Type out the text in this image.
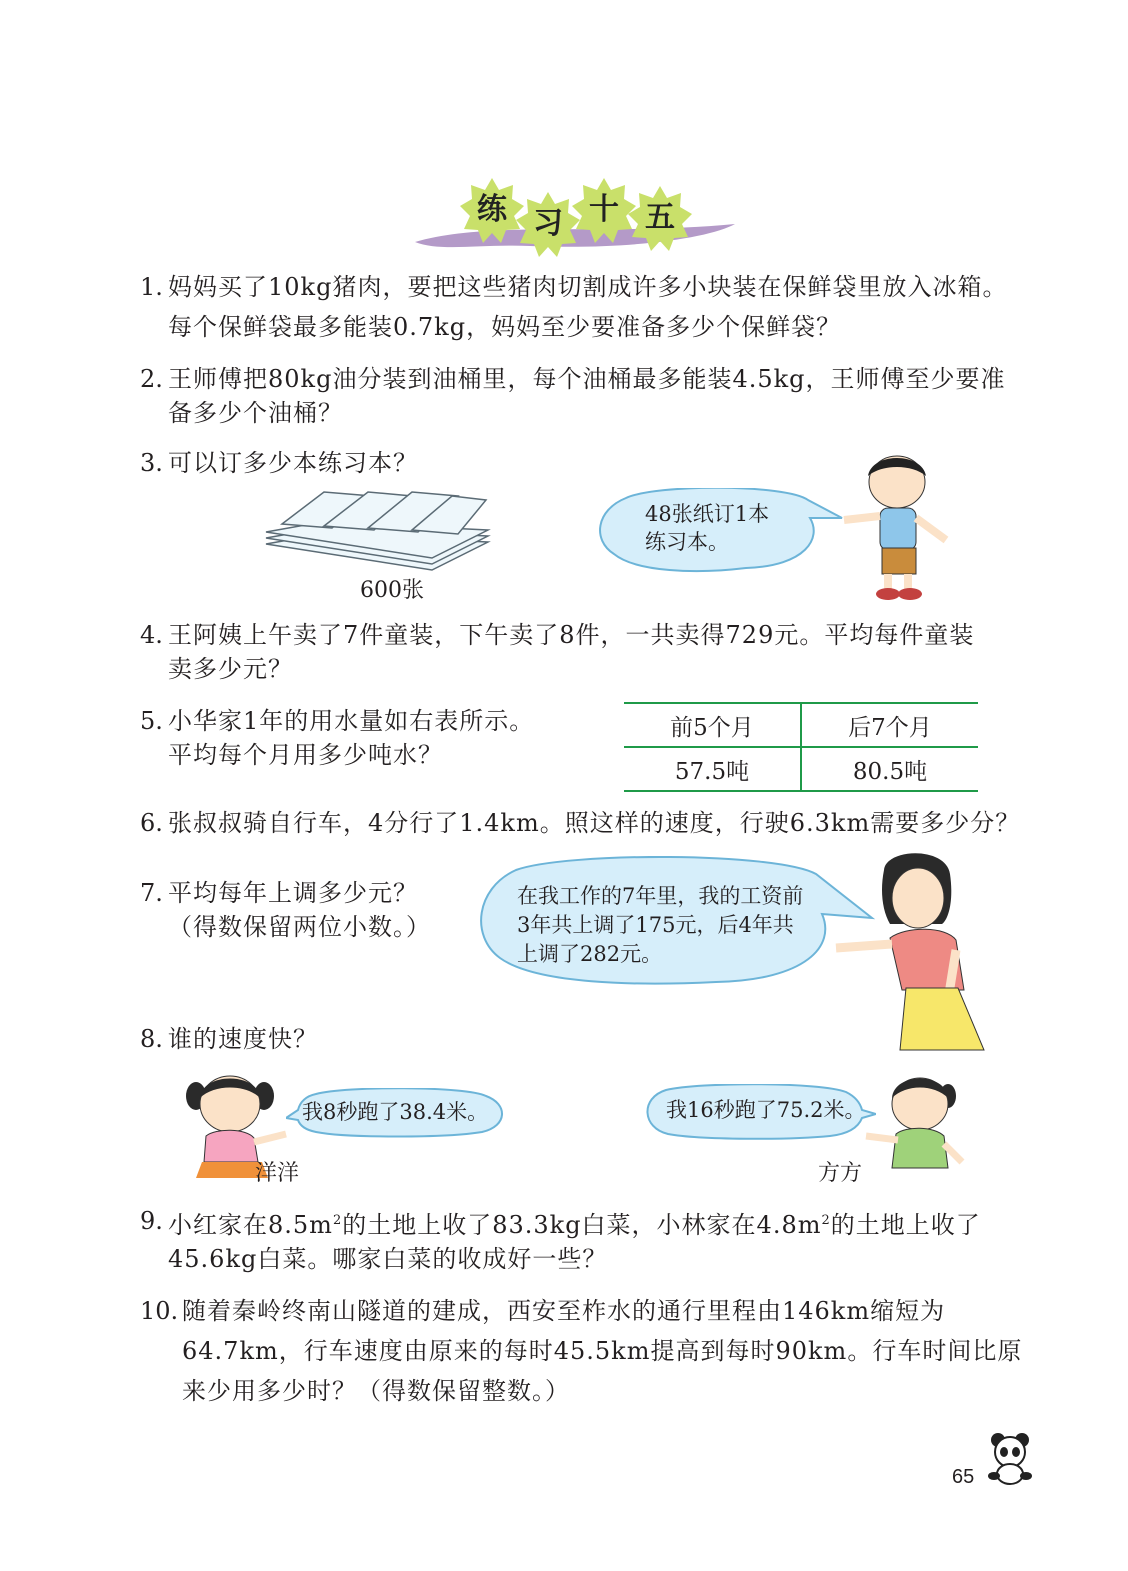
练 习 十 五
1. 妈妈买了10kg猪肉，要把这些猪肉切割成许多小块装在保鲜袋里放入冰箱。
每个保鲜袋最多能装0.7kg，妈妈至少要准备多少个保鲜袋？
2. 王师傅把80kg油分装到油桶里，每个油桶最多能装4.5kg，王师傅至少要准
备多少个油桶？
3. 可以订多少本练习本？
600张
48张纸订1本
练习本。
4. 王阿姨上午卖了7件童装，下午卖了8件，一共卖得729元。平均每件童装
卖多少元？
5. 小华家1年的用水量如右表所示。
平均每个月用多少吨水？
前5个月	后7个月
57.5吨	80.5吨
6. 张叔叔骑自行车，4分行了1.4km。照这样的速度，行驶6.3km需要多少分？
7. 平均每年上调多少元？
（得数保留两位小数。）
在我工作的7年里，我的工资前
3年共上调了175元，后4年共
上调了282元。
8. 谁的速度快？
我8秒跑了38.4米。
洋洋
我16秒跑了75.2米。
方方
9. 小红家在$8.5m^2$的土地上收了83.3kg白菜，小林家在$4.8m^2$的土地上收了
45.6kg白菜。哪家白菜的收成好一些？
10. 随着秦岭终南山隧道的建成，西安至柞水的通行里程由146km缩短为
64.7km，行车速度由原来的每时45.5km提高到每时90km。行车时间比原
来少用多少时？（得数保留整数。）
65
